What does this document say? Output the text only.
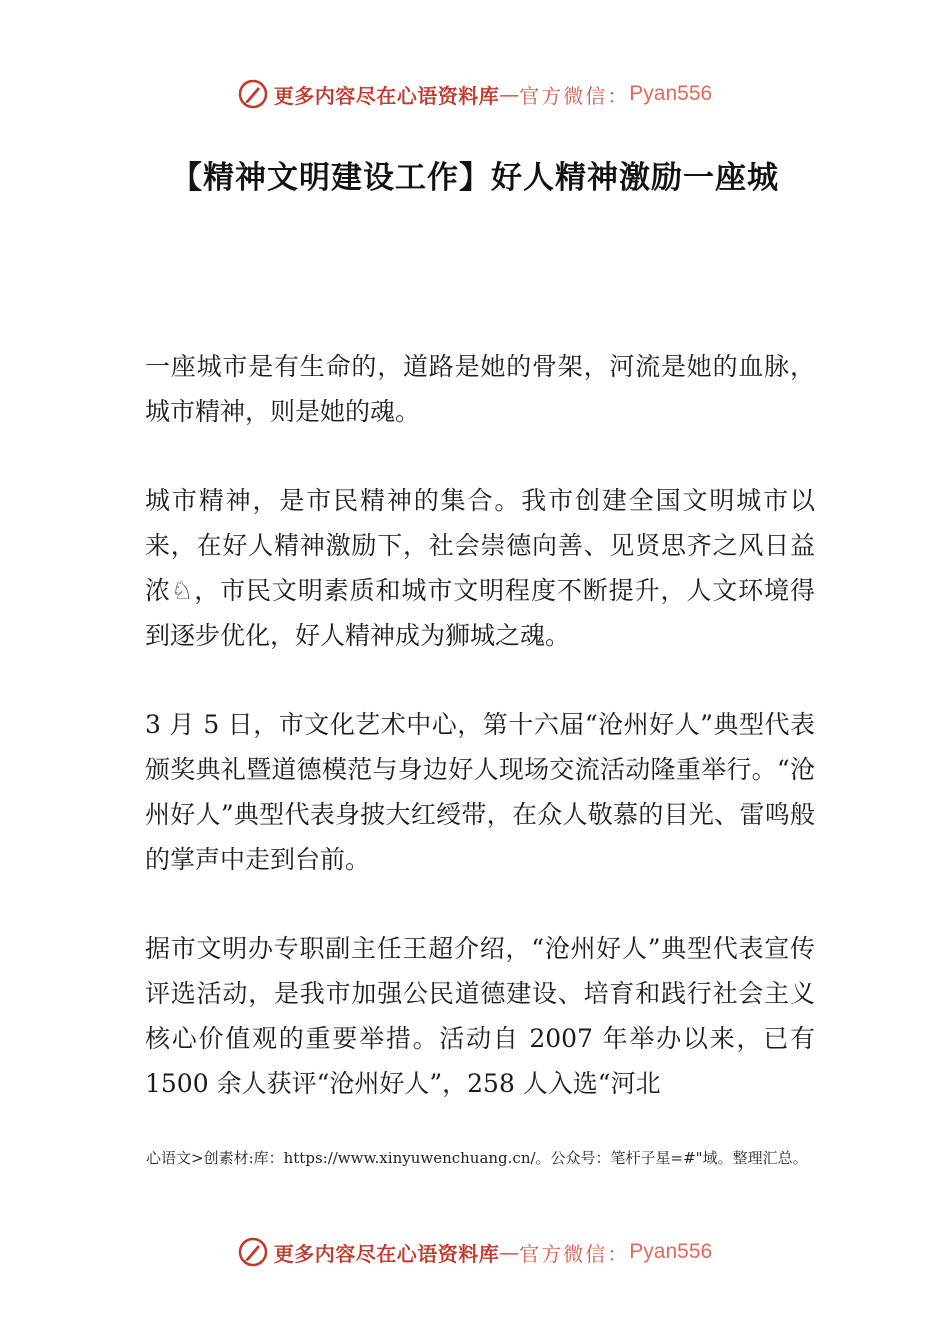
更多内容尽在心语资料库 — 官方微信： Pyan556
【精神文明建设工作】好人精神激励一座城

一座城市是有生命的，道路是她的骨架，河流是她的血脉，城市精神，则是她的魂。

城市精神，是市民精神的集合。我市创建全国文明城市以来，在好人精神激励下，社会崇德向善、见贤思齐之风日益浓♘，市民文明素质和城市文明程度不断提升，人文环境得到逐步优化，好人精神成为狮城之魂。

3 月 5 日，市文化艺术中心，第十六届“沧州好人”典型代表颁奖典礼暨道德模范与身边好人现场交流活动隆重举行。“沧州好人”典型代表身披大红绶带，在众人敬慕的目光、雷鸣般的掌声中走到台前。

据市文明办专职副主任王超介绍，“沧州好人”典型代表宣传评选活动，是我市加强公民道德建设、培育和践行社会主义核心价值观的重要举措。活动自 2007 年举办以来，已有 1500 余人获评“沧州好人”，258 人入选“河北

心语文>创素材:库：https://www.xinyuwenchuang.cn/。公众号：笔杆子星=#"域。整理汇总。
更多内容尽在心语资料库 — 官方微信： Pyan556
